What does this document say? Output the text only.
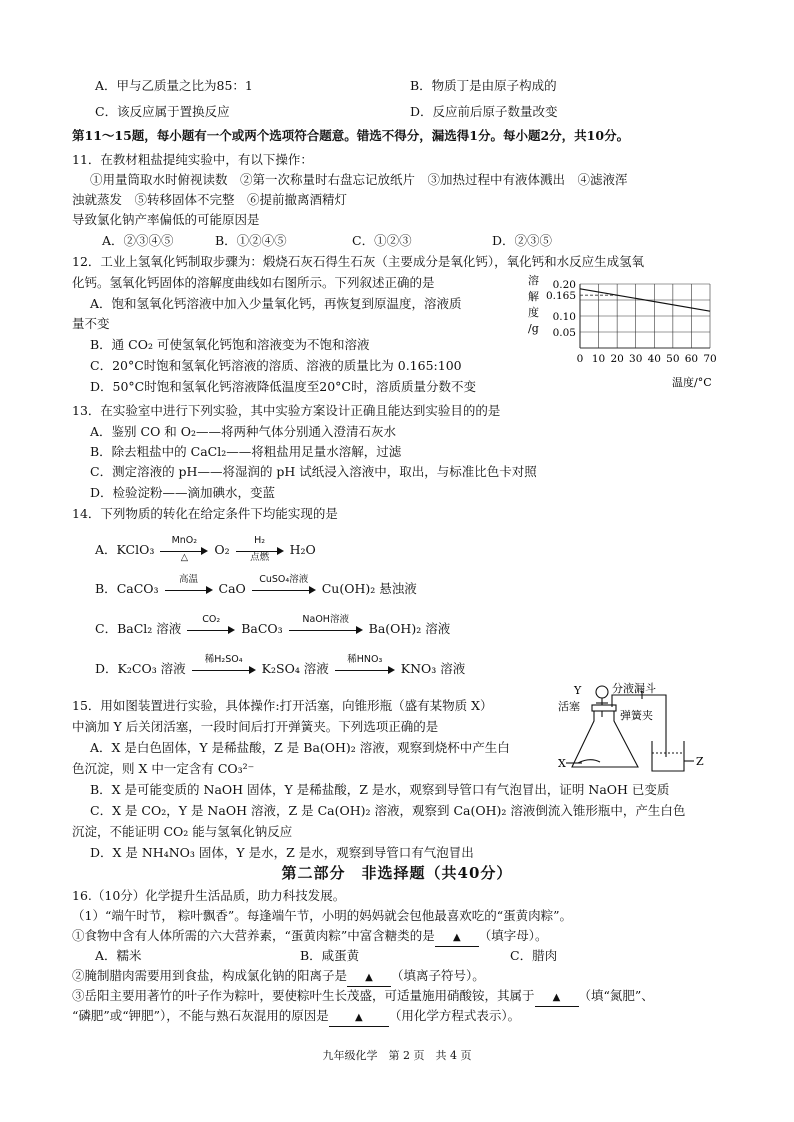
A．甲与乙质量之比为85：1	B．物质丁是由原子构成的
C．该反应属于置换反应	D．反应前后原子数量改变
第11～15题，每小题有一个或两个选项符合题意。错选不得分，漏选得1分。每小题2分，共10分。
11．在教材粗盐提纯实验中，有以下操作：
①用量筒取水时俯视读数　②第一次称量时右盘忘记放纸片　③加热过程中有液体溅出　④滤液浑
浊就蒸发　⑤转移固体不完整　⑥提前撤离酒精灯
导致氯化钠产率偏低的可能原因是
A．②③④⑤	B．①②④⑤	C．①②③	D．②③⑤
12．工业上氢氧化钙制取步骤为：煅烧石灰石得生石灰（主要成分是氧化钙），氧化钙和水反应生成氢氧
化钙。氢氧化钙固体的溶解度曲线如右图所示。下列叙述正确的是
A．饱和氢氧化钙溶液中加入少量氧化钙，再恢复到原温度，溶液质
量不变
B．通 CO₂ 可使氢氧化钙饱和溶液变为不饱和溶液
C．20°C时饱和氢氧化钙溶液的溶质、溶液的质量比为 0.165:100
D．50°C时饱和氢氧化钙溶液降低温度至20°C时，溶质质量分数不变
溶
解
度
/g 0.05
0.10
0.165
0.20
0 10 20 30 40 50 60 70
温度/°C
13．在实验室中进行下列实验，其中实验方案设计正确且能达到实验目的的是
A．鉴别 CO 和 O₂——将两种气体分别通入澄清石灰水
B．除去粗盐中的 CaCl₂——将粗盐用足量水溶解，过滤
C．测定溶液的 pH——将湿润的 pH 试纸浸入溶液中，取出，与标准比色卡对照
D．检验淀粉——滴加碘水，变蓝
14．下列物质的转化在给定条件下均能实现的是
A．KClO₃
MnO₂
△	O₂
H₂
点燃	H₂O
B．CaCO₃
高温
CaO
CuSO₄溶液
Cu(OH)₂ 悬浊液
C．BaCl₂ 溶液
CO₂
BaCO₃
NaOH溶液
Ba(OH)₂ 溶液
D．K₂CO₃ 溶液
稀H₂SO₄
K₂SO₄ 溶液
稀HNO₃
KNO₃ 溶液
15．用如图装置进行实验，具体操作:打开活塞，向锥形瓶（盛有某物质 X）
中滴加 Y 后关闭活塞，一段时间后打开弹簧夹。下列选项正确的是
A．X 是白色固体，Y 是稀盐酸，Z 是 Ba(OH)₂ 溶液，观察到烧杯中产生白
色沉淀，则 X 中一定含有 CO₃²⁻
B．X 是可能变质的 NaOH 固体，Y 是稀盐酸，Z 是水，观察到导管口有气泡冒出，证明 NaOH 已变质
C．X 是 CO₂，Y 是 NaOH 溶液，Z 是 Ca(OH)₂ 溶液，观察到 Ca(OH)₂ 溶液倒流入锥形瓶中，产生白色
沉淀，不能证明 CO₂ 能与氢氧化钠反应
D．X 是 NH₄NO₃ 固体，Y 是水，Z 是水，观察到导管口有气泡冒出
Y
活塞
分液漏斗
弹簧夹
X	Z
第二部分　非选择题（共40分）
16.（10分）化学提升生活品质，助力科技发展。
（1）“端午时节， 粽叶飘香”。每逢端午节，小明的妈妈就会包他最喜欢吃的“蛋黄肉粽”。
①食物中含有人体所需的六大营养素，“蛋黄肉粽”中富含糖类的是 ▲ （填字母）。
A．糯米	B．咸蛋黄	C．腊肉
②腌制腊肉需要用到食盐，构成氯化钠的阳离子是 ▲ （填离子符号）。
③岳阳主要用著竹的叶子作为粽叶，要使粽叶生长茂盛，可适量施用硝酸铵，其属于 ▲ （填“氮肥”、
“磷肥”或“钾肥”），不能与熟石灰混用的原因是	▲ （用化学方程式表示）。
九年级化学　第 2 页　共 4 页
